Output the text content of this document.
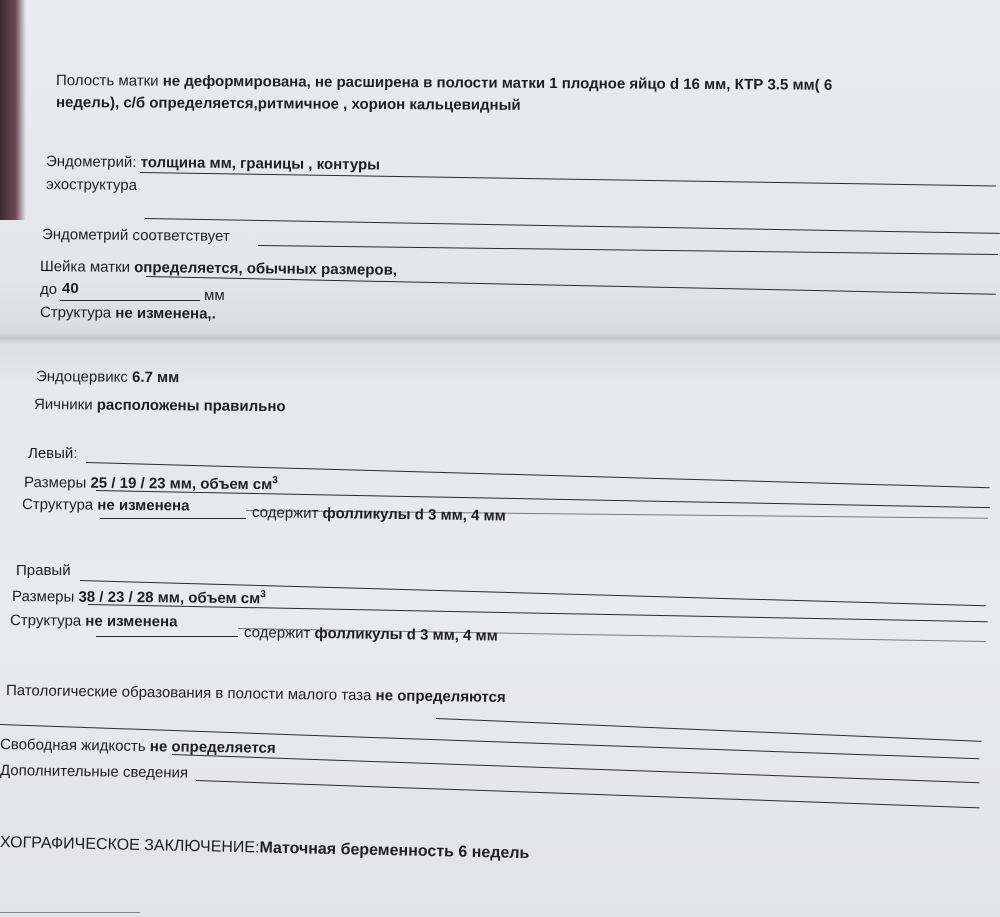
Полость матки не деформирована, не расширена в полости матки 1 плодное яйцо d 16 мм, КТР 3.5 мм( 6
недель), с/б определяется,ритмичное , хорион кальцевидный
Эндометрий: толщина мм, границы , контуры
эхоструктура
Эндометрий соответствует
Шейка матки определяется, обычных размеров,
до 40	мм
Структура не изменена,.
Эндоцервикс 6.7 мм
Яичники расположены правильно
Левый:
Размеры 25 / 19 / 23 мм, объем $см^3$
Структура не изменена	содержит фолликулы d 3 мм, 4 мм
Правый
Размеры 38 / 23 / 28 мм, объем $см^3$
Структура не изменена
содержит фолликулы d 3 мм, 4 мм
Патологические образования в полости малого таза не определяются
Свободная жидкость не определяется
Дополнительные сведения
ХОГРАФИЧЕСКОЕ ЗАКЛЮЧЕНИЕ:Маточная беременность 6 недель
